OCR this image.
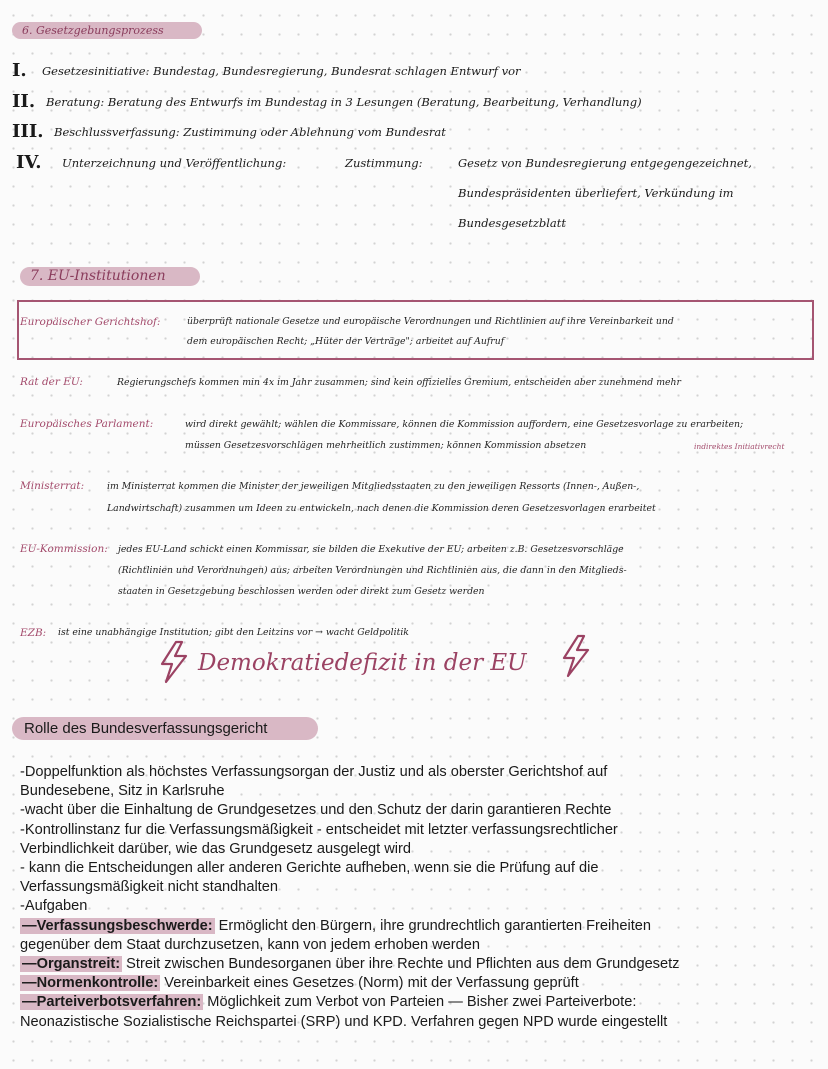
6. Gesetzgebungsprozess
I. Gesetzesinitiative: Bundestag, Bundesregierung, Bundesrat schlagen Entwurf vor
II. Beratung: Beratung des Entwurfs im Bundestag in 3 Lesungen (Beratung, Bearbeitung, Verhandlung)
III. Beschlussverfassung: Zustimmung oder Ablehnung vom Bundesrat
IV. Unterzeichnung und Veröffentlichung:	Zustimmung:	Gesetz von Bundesregierung entgegengezeichnet,
Bundespräsidenten überliefert, Verkündung im
Bundesgesetzblatt
7. EU-Institutionen
Europäischer Gerichtshof:	überprüft nationale Gesetze und europäische Verordnungen und Richtlinien auf ihre Vereinbarkeit und
dem europäischen Recht; „Hüter der Verträge"; arbeitet auf Aufruf
Rat der EU:	Regierungschefs kommen min 4x im Jahr zusammen; sind kein offizielles Gremium, entscheiden aber zunehmend mehr
Europäisches Parlament:	wird direkt gewählt; wählen die Kommissare, können die Kommission auffordern, eine Gesetzesvorlage zu erarbeiten;
müssen Gesetzesvorschlägen mehrheitlich zustimmen; können Kommission absetzen	indirektes Initiativrecht
Ministerrat: im Ministerrat kommen die Minister der jeweiligen Mitgliedsstaaten zu den jeweiligen Ressorts (Innen-, Außen-,
Landwirtschaft) zusammen um Ideen zu entwickeln, nach denen die Kommission deren Gesetzesvorlagen erarbeitet
EU-Kommission: jedes EU-Land schickt einen Kommissar, sie bilden die Exekutive der EU; arbeiten z.B. Gesetzesvorschläge
(Richtlinien und Verordnungen) aus; arbeiten Verordnungen und Richtlinien aus, die dann in den Mitglieds-
staaten in Gesetzgebung beschlossen werden oder direkt zum Gesetz werden
EZB: ist eine unabhängige Institution; gibt den Leitzins vor → wacht Geldpolitik
Demokratiedefizit in der EU
Rolle des Bundesverfassungsgericht

-Doppelfunktion als höchstes Verfassungsorgan der Justiz und als oberster Gerichtshof auf

Bundesebene, Sitz in Karlsruhe

-wacht über die Einhaltung de Grundgesetzes und den Schutz der darin garantieren Rechte

-Kontrollinstanz fur die Verfassungsmäßigkeit - entscheidet mit letzter verfassungsrechtlicher

Verbindlichkeit darüber, wie das Grundgesetz ausgelegt wird

- kann die Entscheidungen aller anderen Gerichte aufheben, wenn sie die Prüfung auf die

Verfassungsmäßigkeit nicht standhalten

-Aufgaben

—Verfassungsbeschwerde: Ermöglicht den Bürgern, ihre grundrechtlich garantierten Freiheiten

gegenüber dem Staat durchzusetzen, kann von jedem erhoben werden

—Organstreit: Streit zwischen Bundesorganen über ihre Rechte und Pflichten aus dem Grundgesetz

—Normenkontrolle: Vereinbarkeit eines Gesetzes (Norm) mit der Verfassung geprüft

—Parteiverbotsverfahren: Möglichkeit zum Verbot von Parteien — Bisher zwei Parteiverbote:

Neonazistische Sozialistische Reichspartei (SRP) und KPD. Verfahren gegen NPD wurde eingestellt
